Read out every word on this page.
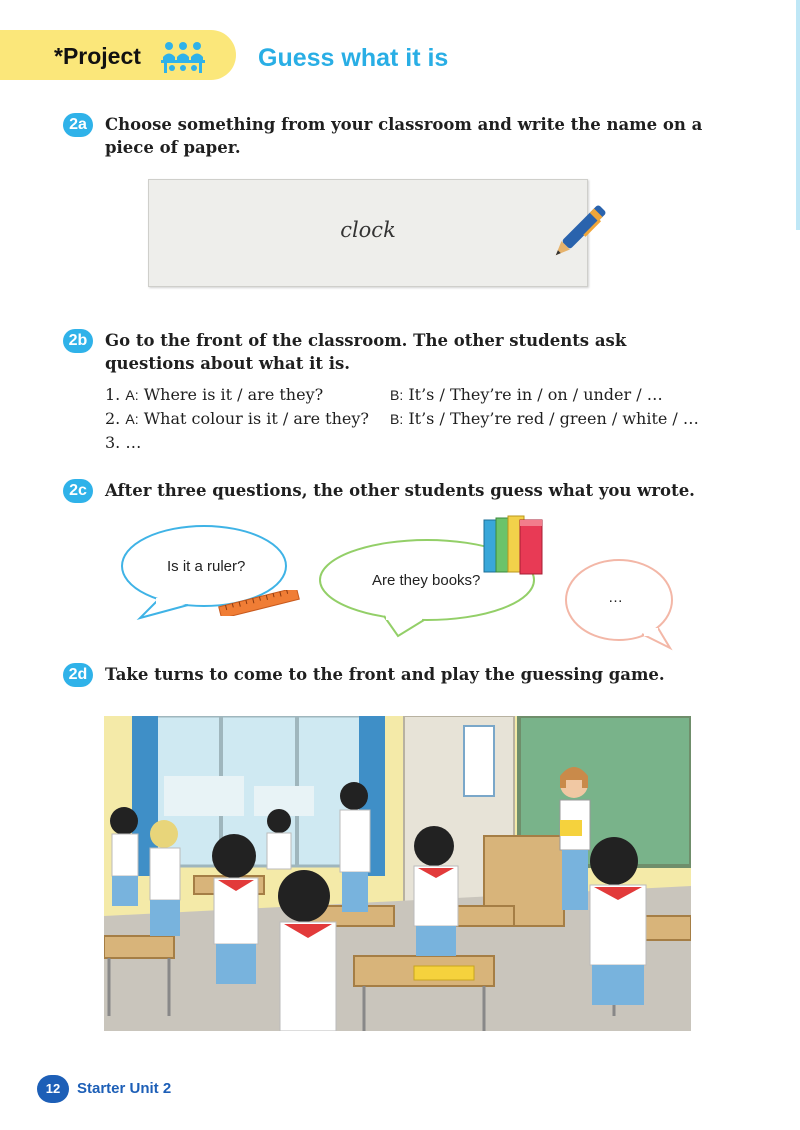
*Project	Guess what it is
2a	Choose something from your classroom and write the name on a piece of paper.
clock
2b	Go to the front of the classroom. The other students ask questions about what it is.
1. A: Where is it / are they?	B: It’s / They’re in / on / under / …
2. A: What colour is it / are they? B: It’s / They’re red / green / white / …
3. …
2c	After three questions, the other students guess what you wrote.
Is it a ruler?
Are they books?
…
2d	Take turns to come to the front and play the guessing game.
12	Starter Unit 2
